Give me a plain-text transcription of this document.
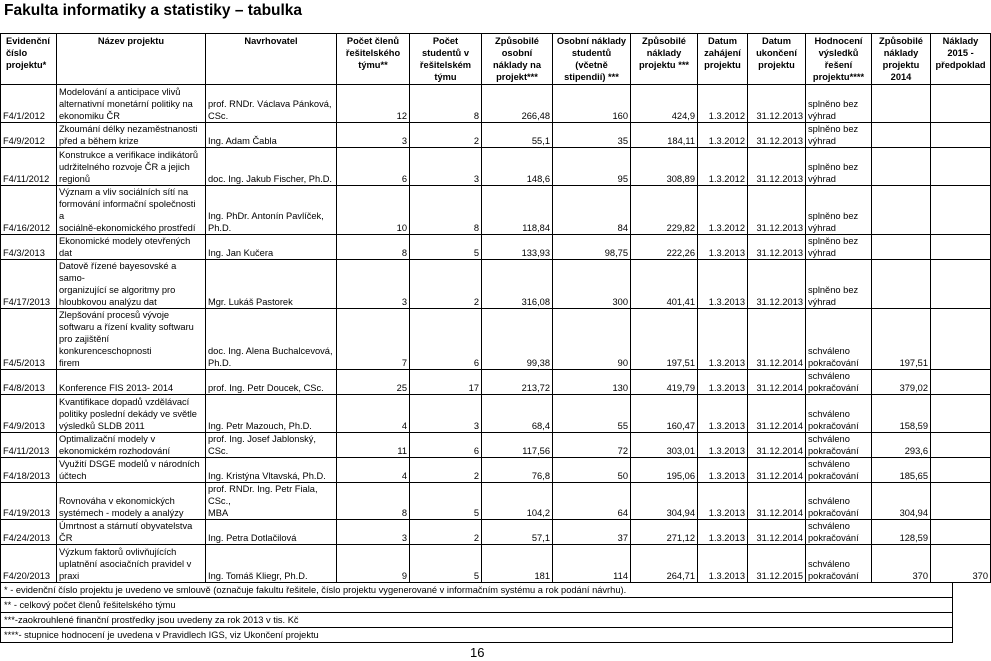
Fakulta informatiky a statistiky – tabulka
Evidenční
číslo
projektu*	Název projektu	Navrhovatel	Počet členů
řešitelského
týmu**	Počet
studentů v
řešitelském
týmu	Způsobilé
osobní
náklady na
projekt***	Osobní náklady
studentů
(včetně
stipendií) ***	Způsobilé
náklady
projektu ***	Datum
zahájení
projektu	Datum
ukončení
projektu	Hodnocení
výsledků
řešení
projektu****	Způsobilé
náklady
projektu
2014	Náklady
2015 -
předpoklad
F4/1/2012	Modelování a anticipace vlivů
alternativní monetární politiky na
ekonomiku ČR	prof. RNDr. Václava Pánková,
CSc.	12	8	266,48	160	424,9	1.3.2012	31.12.2013	splněno bez
výhrad		
F4/9/2012	Zkoumání délky nezaměstnanosti
před a během krize	Ing. Adam Čabla	3	2	55,1	35	184,11	1.3.2012	31.12.2013	splněno bez
výhrad		
F4/11/2012	Konstrukce a verifikace indikátorů
udržitelného rozvoje ČR a jejich
regionů	doc. Ing. Jakub Fischer, Ph.D.	6	3	148,6	95	308,89	1.3.2012	31.12.2013	splněno bez
výhrad		
F4/16/2012	Význam a vliv sociálních sítí na
formování informační společnosti a
sociálně-ekonomického prostředí	Ing. PhDr. Antonín Pavlíček,
Ph.D.	10	8	118,84	84	229,82	1.3.2012	31.12.2013	splněno bez
výhrad		
F4/3/2013	Ekonomické modely otevřených dat	Ing. Jan Kučera	8	5	133,93	98,75	222,26	1.3.2013	31.12.2013	splněno bez
výhrad		
F4/17/2013	Datově řízené bayesovské a samo-
organizující se algoritmy pro
hloubkovou analýzu dat	Mgr. Lukáš Pastorek	3	2	316,08	300	401,41	1.3.2013	31.12.2013	splněno bez
výhrad		
F4/5/2013	Zlepšování procesů vývoje
softwaru a řízení kvality softwaru
pro zajištění konkurenceschopnosti
firem	doc. Ing. Alena Buchalcevová,
Ph.D.	7	6	99,38	90	197,51	1.3.2013	31.12.2014	schváleno
pokračování	197,51	
F4/8/2013	Konference FIS 2013- 2014	prof. Ing. Petr Doucek, CSc.	25	17	213,72	130	419,79	1.3.2013	31.12.2014	schváleno
pokračování	379,02	
F4/9/2013	Kvantifikace dopadů vzdělávací
politiky poslední dekády ve světle
výsledků SLDB 2011	Ing. Petr Mazouch, Ph.D.	4	3	68,4	55	160,47	1.3.2013	31.12.2014	schváleno
pokračování	158,59	
F4/11/2013	Optimalizační modely v
ekonomickém rozhodování	prof. Ing. Josef Jablonský, CSc.	11	6	117,56	72	303,01	1.3.2013	31.12.2014	schváleno
pokračování	293,6	
F4/18/2013	Využití DSGE modelů v národních
účtech	Ing. Kristýna Vltavská, Ph.D.	4	2	76,8	50	195,06	1.3.2013	31.12.2014	schváleno
pokračování	185,65	
F4/19/2013	Rovnováha v ekonomických
systémech - modely a analýzy	prof. RNDr. Ing. Petr Fiala, CSc.,
MBA	8	5	104,2	64	304,94	1.3.2013	31.12.2014	schváleno
pokračování	304,94	
F4/24/2013	Úmrtnost a stárnutí obyvatelstva
ČR	Ing. Petra Dotlačilová	3	2	57,1	37	271,12	1.3.2013	31.12.2014	schváleno
pokračování	128,59	
F4/20/2013	Výzkum faktorů ovlivňujících
uplatnění asociačních pravidel v
praxi	Ing. Tomáš Kliegr, Ph.D.	9	5	181	114	264,71	1.3.2013	31.12.2015	schváleno
pokračování	370	370
* - evidenční číslo projektu je uvedeno ve smlouvě (označuje fakultu řešitele, číslo projektu vygenerované v informačním systému a rok podání návrhu).
** - celkový počet členů řešitelského týmu
***-zaokrouhlené finanční prostředky jsou uvedeny za rok 2013 v tis. Kč
****- stupnice hodnocení je uvedena v Pravidlech IGS, viz Ukončení projektu
16
